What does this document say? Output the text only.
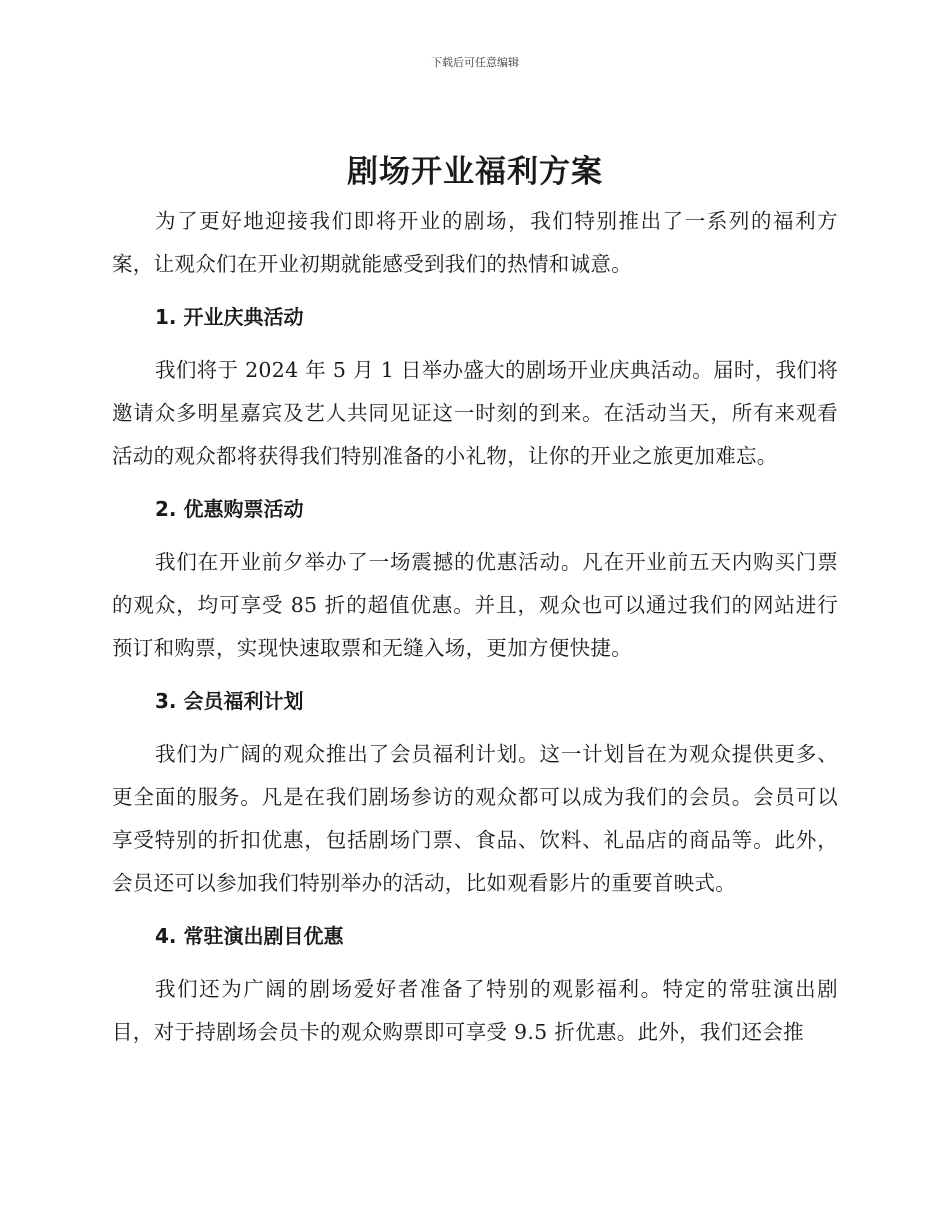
下载后可任意编辑
剧场开业福利方案

为了更好地迎接我们即将开业的剧场，我们特别推出了一系列的福利方案，让观众们在开业初期就能感受到我们的热情和诚意。

1. 开业庆典活动

我们将于 2024 年 5 月 1 日举办盛大的剧场开业庆典活动。届时，我们将邀请众多明星嘉宾及艺人共同见证这一时刻的到来。在活动当天，所有来观看活动的观众都将获得我们特别准备的小礼物，让你的开业之旅更加难忘。

2. 优惠购票活动

我们在开业前夕举办了一场震撼的优惠活动。凡在开业前五天内购买门票的观众，均可享受 85 折的超值优惠。并且，观众也可以通过我们的网站进行预订和购票，实现快速取票和无缝入场，更加方便快捷。

3. 会员福利计划

我们为广阔的观众推出了会员福利计划。这一计划旨在为观众提供更多、更全面的服务。凡是在我们剧场参访的观众都可以成为我们的会员。会员可以享受特别的折扣优惠，包括剧场门票、食品、饮料、礼品店的商品等。此外，会员还可以参加我们特别举办的活动，比如观看影片的重要首映式。

4. 常驻演出剧目优惠

我们还为广阔的剧场爱好者准备了特别的观影福利。特定的常驻演出剧目，对于持剧场会员卡的观众购票即可享受 9.5 折优惠。此外，我们还会推
